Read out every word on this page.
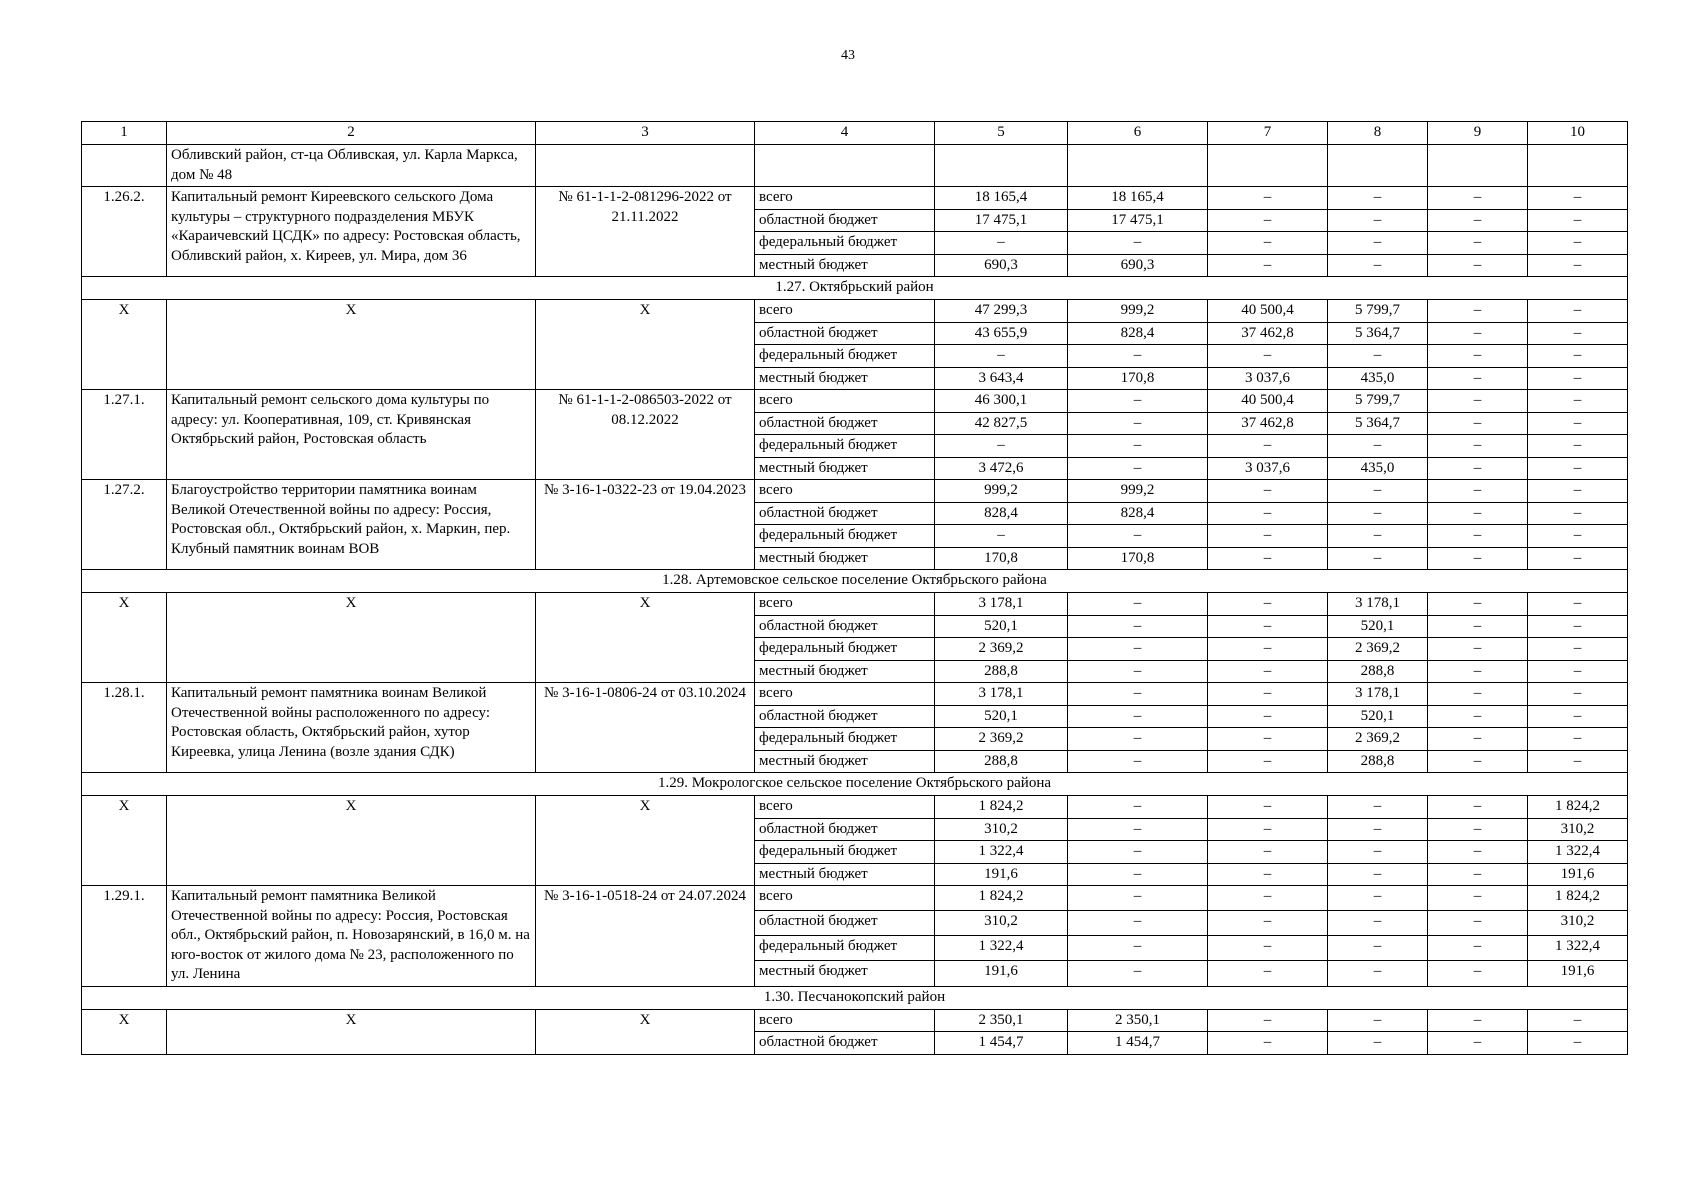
43
1	2	3	4	5	6	7	8	9	10
	Обливский район, ст-ца Обливская, ул. Карла Маркса, дом № 48								
1.26.2.	Капитальный ремонт Киреевского сельского Дома культуры – структурного подразделения МБУК «Караичевский ЦСДК» по адресу: Ростовская область, Обливский район, х. Киреев, ул. Мира, дом 36	№ 61-1-1-2-081296-2022 от 21.11.2022	всего	18 165,4	18 165,4	–	–	–	–
			областной бюджет	17 475,1	17 475,1	–	–	–	–
			федеральный бюджет	–	–	–	–	–	–
			местный бюджет	690,3	690,3	–	–	–	–
1.27. Октябрьский район									
X	X	X	всего	47 299,3	999,2	40 500,4	5 799,7	–	–
			областной бюджет	43 655,9	828,4	37 462,8	5 364,7	–	–
			федеральный бюджет	–	–	–	–	–	–
			местный бюджет	3 643,4	170,8	3 037,6	435,0	–	–
1.27.1.	Капитальный ремонт сельского дома культуры по адресу: ул. Кооперативная, 109, ст. Кривянская Октябрьский район, Ростовская область	№ 61-1-1-2-086503-2022 от 08.12.2022	всего	46 300,1	–	40 500,4	5 799,7	–	–
			областной бюджет	42 827,5	–	37 462,8	5 364,7	–	–
			федеральный бюджет	–	–	–	–	–	–
			местный бюджет	3 472,6	–	3 037,6	435,0	–	–
1.27.2.	Благоустройство территории памятника воинам Великой Отечественной войны по адресу: Россия, Ростовская обл., Октябрьский район, х. Маркин, пер. Клубный памятник воинам ВОВ	№ 3-16-1-0322-23 от 19.04.2023	всего	999,2	999,2	–	–	–	–
			областной бюджет	828,4	828,4	–	–	–	–
			федеральный бюджет	–	–	–	–	–	–
			местный бюджет	170,8	170,8	–	–	–	–
1.28. Артемовское сельское поселение Октябрьского района									
X	X	X	всего	3 178,1	–	–	3 178,1	–	–
			областной бюджет	520,1	–	–	520,1	–	–
			федеральный бюджет	2 369,2	–	–	2 369,2	–	–
			местный бюджет	288,8	–	–	288,8	–	–
1.28.1.	Капитальный ремонт памятника воинам Великой Отечественной войны расположенного по адресу: Ростовская область, Октябрьский район, хутор Киреевка, улица Ленина (возле здания СДК)	№ 3-16-1-0806-24 от 03.10.2024	всего	3 178,1	–	–	3 178,1	–	–
			областной бюджет	520,1	–	–	520,1	–	–
			федеральный бюджет	2 369,2	–	–	2 369,2	–	–
			местный бюджет	288,8	–	–	288,8	–	–
1.29. Мокрологское сельское поселение Октябрьского района									
X	X	X	всего	1 824,2	–	–	–	–	1 824,2
			областной бюджет	310,2	–	–	–	–	310,2
			федеральный бюджет	1 322,4	–	–	–	–	1 322,4
			местный бюджет	191,6	–	–	–	–	191,6
1.29.1.	Капитальный ремонт памятника Великой Отечественной войны по адресу: Россия, Ростовская обл., Октябрьский район, п. Новозарянский, в 16,0 м. на юго-восток от жилого дома № 23, расположенного по ул. Ленина	№ 3-16-1-0518-24 от 24.07.2024	всего	1 824,2	–	–	–	–	1 824,2
			областной бюджет	310,2	–	–	–	–	310,2
			федеральный бюджет	1 322,4	–	–	–	–	1 322,4
			местный бюджет	191,6	–	–	–	–	191,6
1.30. Песчанокопский район									
X	X	X	всего	2 350,1	2 350,1	–	–	–	–
			областной бюджет	1 454,7	1 454,7	–	–	–	–
